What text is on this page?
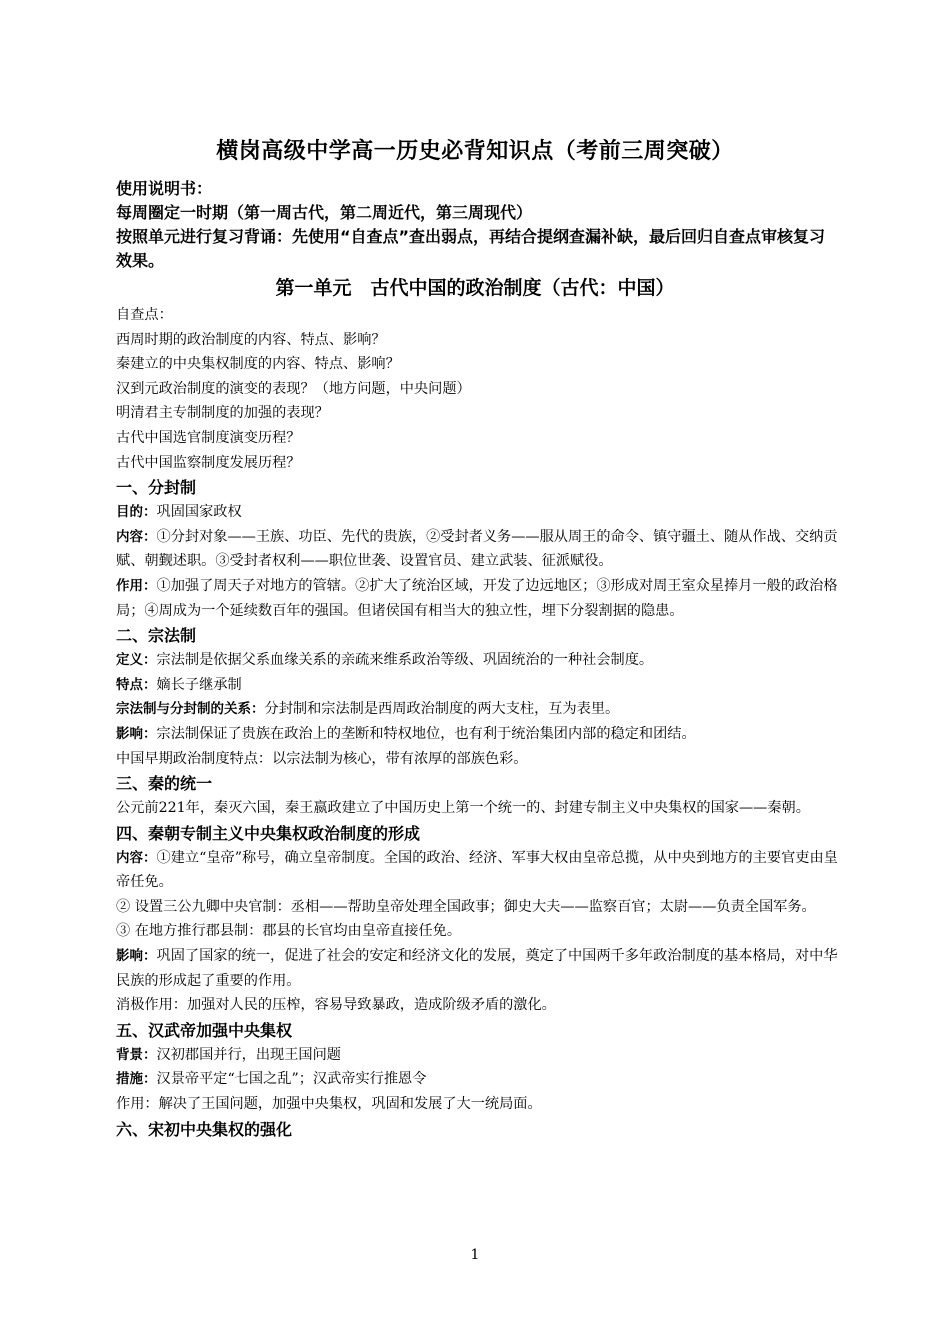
横岗高级中学高一历史必背知识点（考前三周突破）

使用说明书：

每周圈定一时期（第一周古代，第二周近代，第三周现代）

按照单元进行复习背诵：先使用“自查点”查出弱点，再结合提纲查漏补缺，最后回归自查点审核复习效果。

第一单元　古代中国的政治制度（古代：中国）

自查点：

西周时期的政治制度的内容、特点、影响？

秦建立的中央集权制度的内容、特点、影响？

汉到元政治制度的演变的表现？（地方问题，中央问题）

明清君主专制制度的加强的表现？

古代中国选官制度演变历程？

古代中国监察制度发展历程？

一、分封制

目的：巩固国家政权

内容：①分封对象——王族、功臣、先代的贵族，②受封者义务——服从周王的命令、镇守疆土、随从作战、交纳贡赋、朝觐述职。③受封者权利——职位世袭、设置官员、建立武装、征派赋役。

作用：①加强了周天子对地方的管辖。②扩大了统治区域，开发了边远地区；③形成对周王室众星捧月一般的政治格局；④周成为一个延续数百年的强国。但诸侯国有相当大的独立性，埋下分裂割据的隐患。

二、宗法制

定义：宗法制是依据父系血缘关系的亲疏来维系政治等级、巩固统治的一种社会制度。

特点：嫡长子继承制

宗法制与分封制的关系：分封制和宗法制是西周政治制度的两大支柱，互为表里。

影响：宗法制保证了贵族在政治上的垄断和特权地位，也有利于统治集团内部的稳定和团结。

中国早期政治制度特点：以宗法制为核心，带有浓厚的部族色彩。

三、秦的统一

公元前221年，秦灭六国，秦王嬴政建立了中国历史上第一个统一的、封建专制主义中央集权的国家——秦朝。

四、秦朝专制主义中央集权政治制度的形成

内容：①建立“皇帝”称号，确立皇帝制度。全国的政治、经济、军事大权由皇帝总揽，从中央到地方的主要官吏由皇帝任免。

② 设置三公九卿中央官制：丞相——帮助皇帝处理全国政事；御史大夫——监察百官；太尉——负责全国军务。

③ 在地方推行郡县制：郡县的长官均由皇帝直接任免。

影响：巩固了国家的统一，促进了社会的安定和经济文化的发展，奠定了中国两千多年政治制度的基本格局，对中华民族的形成起了重要的作用。

消极作用：加强对人民的压榨，容易导致暴政，造成阶级矛盾的激化。

五、汉武帝加强中央集权

背景：汉初郡国并行，出现王国问题

措施：汉景帝平定“七国之乱”；汉武帝实行推恩令

作用：解决了王国问题，加强中央集权，巩固和发展了大一统局面。

六、宋初中央集权的强化

1
